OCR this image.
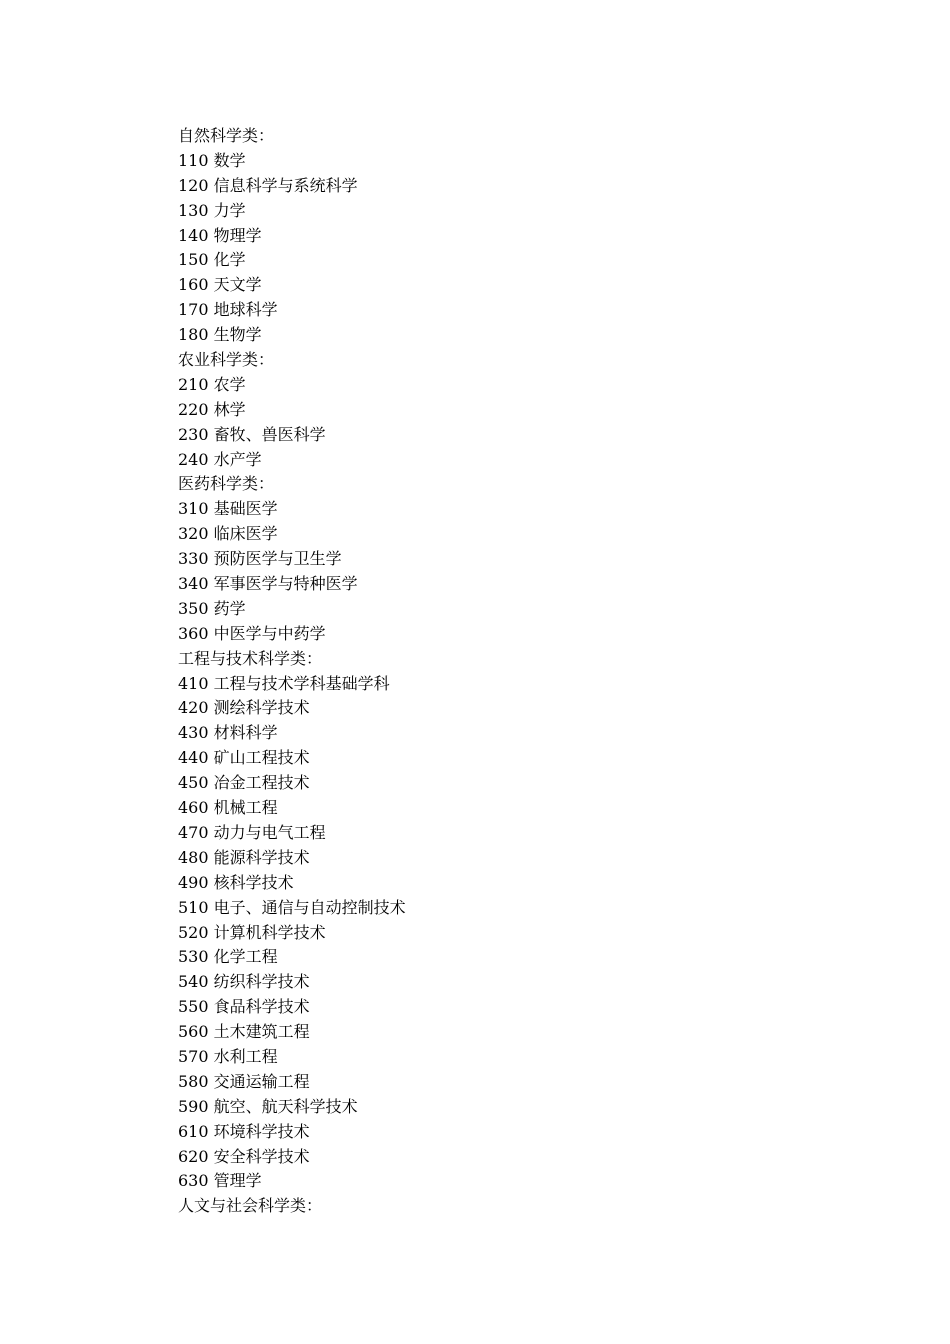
自然科学类：
110 数学
120 信息科学与系统科学
130 力学
140 物理学
150 化学
160 天文学
170 地球科学
180 生物学
农业科学类：
210 农学
220 林学
230 畜牧、兽医科学
240 水产学
医药科学类：
310 基础医学
320 临床医学
330 预防医学与卫生学
340 军事医学与特种医学
350 药学
360 中医学与中药学
工程与技术科学类：
410 工程与技术学科基础学科
420 测绘科学技术
430 材料科学
440 矿山工程技术
450 冶金工程技术
460 机械工程
470 动力与电气工程
480 能源科学技术
490 核科学技术
510 电子、通信与自动控制技术
520 计算机科学技术
530 化学工程
540 纺织科学技术
550 食品科学技术
560 土木建筑工程
570 水利工程
580 交通运输工程
590 航空、航天科学技术
610 环境科学技术
620 安全科学技术
630 管理学
人文与社会科学类：
